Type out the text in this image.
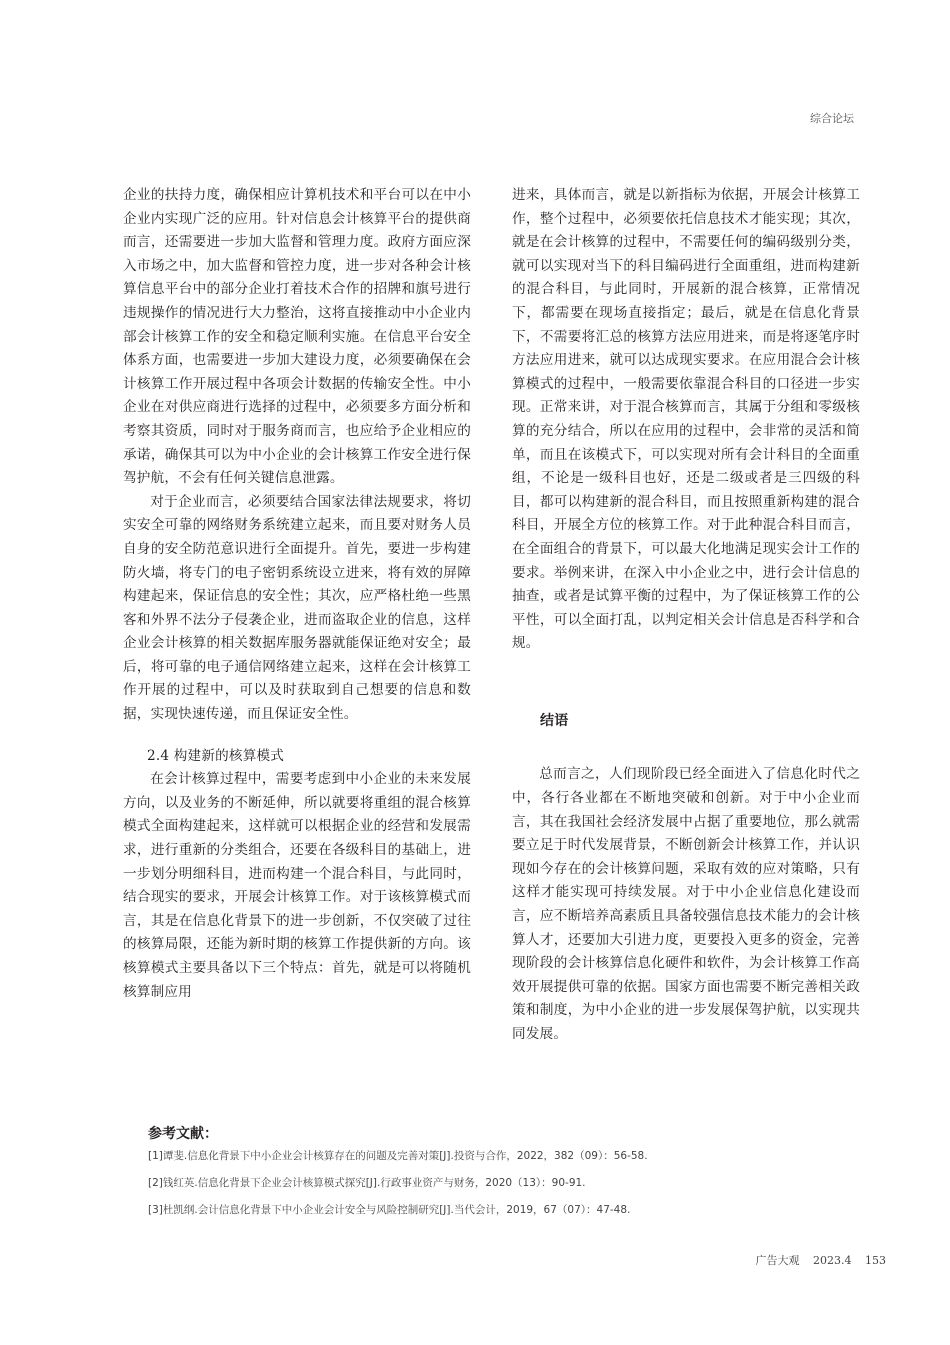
综合论坛

企业的扶持力度，确保相应计算机技术和平台可以在中小企业内实现广泛的应用。针对信息会计核算平台的提供商而言，还需要进一步加大监督和管理力度。政府方面应深入市场之中，加大监督和管控力度，进一步对各种会计核算信息平台中的部分企业打着技术合作的招牌和旗号进行违规操作的情况进行大力整治，这将直接推动中小企业内部会计核算工作的安全和稳定顺利实施。在信息平台安全体系方面，也需要进一步加大建设力度，必须要确保在会计核算工作开展过程中各项会计数据的传输安全性。中小企业在对供应商进行选择的过程中，必须要多方面分析和考察其资质，同时对于服务商而言，也应给予企业相应的承诺，确保其可以为中小企业的会计核算工作安全进行保驾护航，不会有任何关键信息泄露。

对于企业而言，必须要结合国家法律法规要求，将切实安全可靠的网络财务系统建立起来，而且要对财务人员自身的安全防范意识进行全面提升。首先，要进一步构建防火墙，将专门的电子密钥系统设立进来，将有效的屏障构建起来，保证信息的安全性；其次，应严格杜绝一些黑客和外界不法分子侵袭企业，进而盗取企业的信息，这样企业会计核算的相关数据库服务器就能保证绝对安全；最后，将可靠的电子通信网络建立起来，这样在会计核算工作开展的过程中，可以及时获取到自己想要的信息和数据，实现快速传递，而且保证安全性。

2.4 构建新的核算模式

在会计核算过程中，需要考虑到中小企业的未来发展方向，以及业务的不断延伸，所以就要将重组的混合核算模式全面构建起来，这样就可以根据企业的经营和发展需求，进行重新的分类组合，还要在各级科目的基础上，进一步划分明细科目，进而构建一个混合科目，与此同时，结合现实的要求，开展会计核算工作。对于该核算模式而言，其是在信息化背景下的进一步创新，不仅突破了过往的核算局限，还能为新时期的核算工作提供新的方向。该核算模式主要具备以下三个特点：首先，就是可以将随机核算制应用

进来，具体而言，就是以新指标为依据，开展会计核算工作，整个过程中，必须要依托信息技术才能实现；其次，就是在会计核算的过程中，不需要任何的编码级别分类，就可以实现对当下的科目编码进行全面重组，进而构建新的混合科目，与此同时，开展新的混合核算，正常情况下，都需要在现场直接指定；最后，就是在信息化背景下，不需要将汇总的核算方法应用进来，而是将逐笔序时方法应用进来，就可以达成现实要求。在应用混合会计核算模式的过程中，一般需要依靠混合科目的口径进一步实现。正常来讲，对于混合核算而言，其属于分组和零级核算的充分结合，所以在应用的过程中，会非常的灵活和简单，而且在该模式下，可以实现对所有会计科目的全面重组，不论是一级科目也好，还是二级或者是三四级的科目，都可以构建新的混合科目，而且按照重新构建的混合科目，开展全方位的核算工作。对于此种混合科目而言，在全面组合的背景下，可以最大化地满足现实会计工作的要求。举例来讲，在深入中小企业之中，进行会计信息的抽查，或者是试算平衡的过程中，为了保证核算工作的公平性，可以全面打乱，以判定相关会计信息是否科学和合规。

结语

总而言之，人们现阶段已经全面进入了信息化时代之中，各行各业都在不断地突破和创新。对于中小企业而言，其在我国社会经济发展中占据了重要地位，那么就需要立足于时代发展背景，不断创新会计核算工作，并认识现如今存在的会计核算问题，采取有效的应对策略，只有这样才能实现可持续发展。对于中小企业信息化建设而言，应不断培养高素质且具备较强信息技术能力的会计核算人才，还要加大引进力度，更要投入更多的资金，完善现阶段的会计核算信息化硬件和软件，为会计核算工作高效开展提供可靠的依据。国家方面也需要不断完善相关政策和制度，为中小企业的进一步发展保驾护航，以实现共同发展。

参考文献：
[1]谭斐.信息化背景下中小企业会计核算存在的问题及完善对策[J].投资与合作，2022，382（09）：56-58.
[2]钱红英.信息化背景下企业会计核算模式探究[J].行政事业资产与财务，2020（13）：90-91.
[3]杜凯纲.会计信息化背景下中小企业会计安全与风险控制研究[J].当代会计，2019，67（07）：47-48.
广告大观 2023.4 153
